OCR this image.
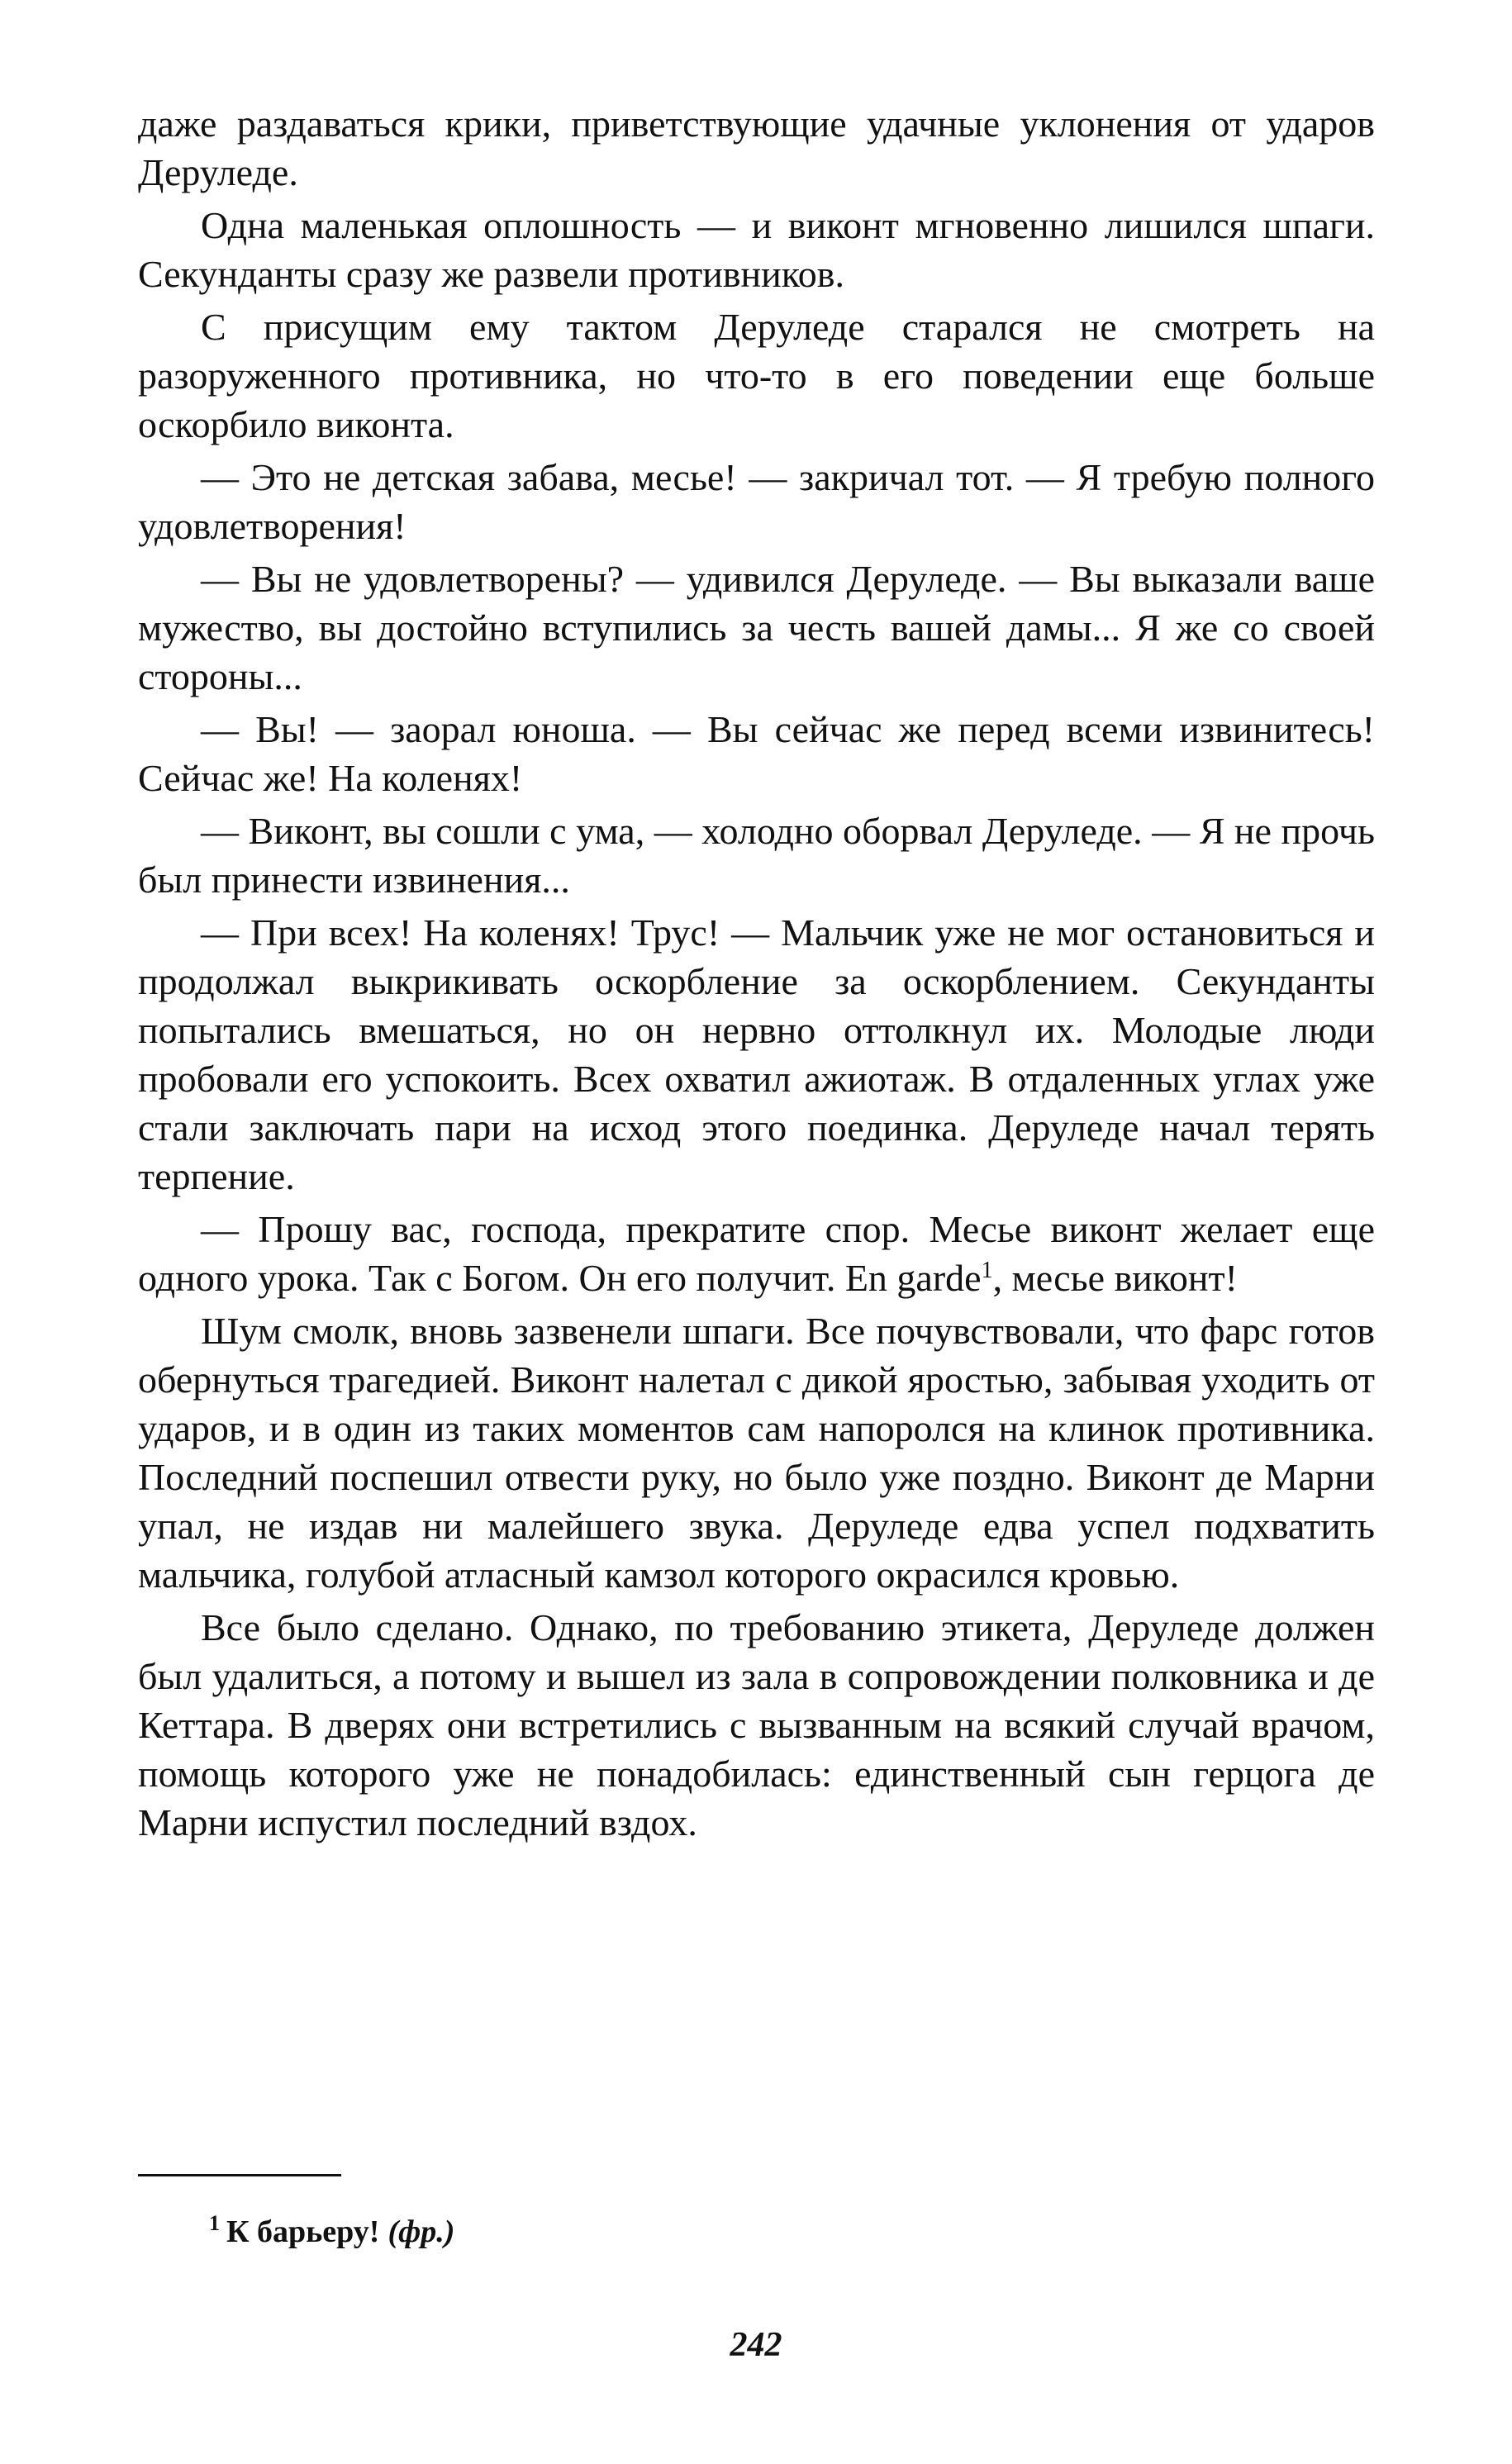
даже раздаваться крики, приветствующие удачные уклонения от ударов Деруледе.

Одна маленькая оплошность — и виконт мгновенно лишился шпаги. Секунданты сразу же развели противников.

С присущим ему тактом Деруледе старался не смотреть на разоруженного противника, но что-то в его поведении еще больше оскорбило виконта.

— Это не детская забава, месье! — закричал тот. — Я требую полного удовлетворения!

— Вы не удовлетворены? — удивился Деруледе. — Вы выказали ваше мужество, вы достойно вступились за честь вашей дамы... Я же со своей стороны...

— Вы! — заорал юноша. — Вы сейчас же перед всеми извинитесь! Сейчас же! На коленях!

— Виконт, вы сошли с ума, — холодно оборвал Деруледе. — Я не прочь был принести извинения...

— При всех! На коленях! Трус! — Мальчик уже не мог остановиться и продолжал выкрикивать оскорбление за оскорблением. Секунданты попытались вмешаться, но он нервно оттолкнул их. Молодые люди пробовали его успокоить. Всех охватил ажиотаж. В отдаленных углах уже стали заключать пари на исход этого поединка. Деруледе начал терять терпение.

— Прошу вас, господа, прекратите спор. Месье виконт желает еще одного урока. Так с Богом. Он его получит. En garde$^1$, месье виконт!

Шум смолк, вновь зазвенели шпаги. Все почувствовали, что фарс готов обернуться трагедией. Виконт налетал с дикой яростью, забывая уходить от ударов, и в один из таких моментов сам напоролся на клинок противника. Последний поспешил отвести руку, но было уже поздно. Виконт де Марни упал, не издав ни малейшего звука. Деруледе едва успел подхватить мальчика, голубой атласный камзол которого окрасился кровью.

Все было сделано. Однако, по требованию этикета, Деруледе должен был удалиться, а потому и вышел из зала в сопровождении полковника и де Кеттара. В дверях они встретились с вызванным на всякий случай врачом, помощь которого уже не понадобилась: единственный сын герцога де Марни испустил последний вздох.

$^1$ К барьеру! (фр.)
242
